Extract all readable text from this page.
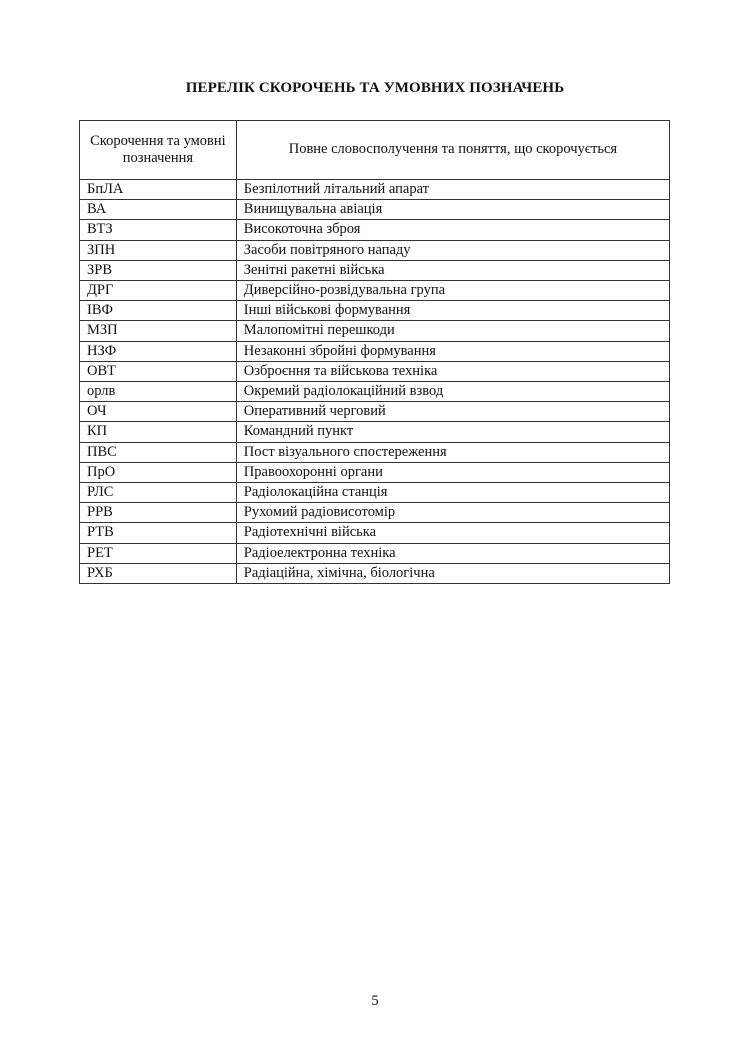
ПЕРЕЛІК СКОРОЧЕНЬ ТА УМОВНИХ ПОЗНАЧЕНЬ
Скорочення та умовні позначення	Повне словосполучення та поняття, що скорочується
БпЛА	Безпілотний літальний апарат
ВА	Винищувальна авіація
ВТЗ	Високоточна зброя
ЗПН	Засоби повітряного нападу
ЗРВ	Зенітні ракетні війська
ДРГ	Диверсійно-розвідувальна група
ІВФ	Інші військові формування
МЗП	Малопомітні перешкоди
НЗФ	Незаконні збройні формування
ОВТ	Озброєння та військова техніка
орлв	Окремий радіолокаційний взвод
ОЧ	Оперативний черговий
КП	Командний пункт
ПВС	Пост візуального спостереження
ПрО	Правоохоронні органи
РЛС	Радіолокаційна станція
РРВ	Рухомий радіовисотомір
РТВ	Радіотехнічні війська
РЕТ	Радіоелектронна техніка
РХБ	Радіаційна, хімічна, біологічна
5
